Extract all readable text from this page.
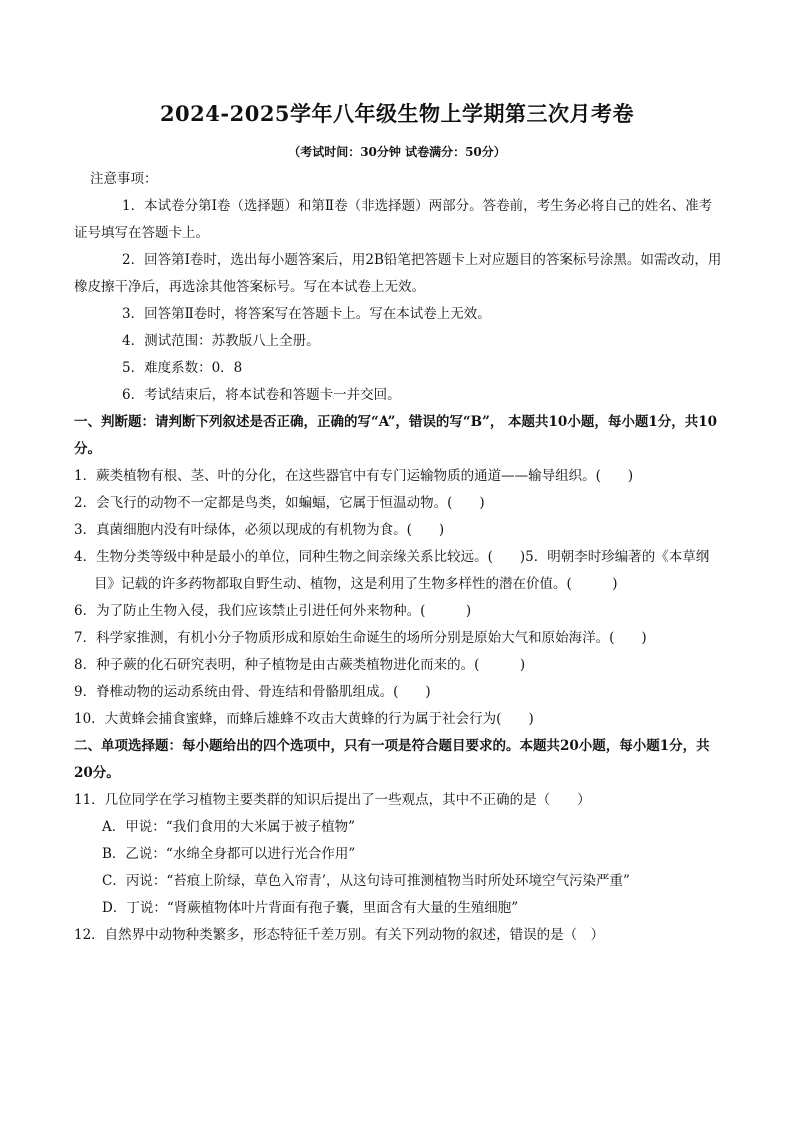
2024-2025学年八年级生物上学期第三次月考卷
（考试时间：30分钟 试卷满分：50分）

注意事项：

1．本试卷分第Ⅰ卷（选择题）和第Ⅱ卷（非选择题）两部分。答卷前，考生务必将自己的姓名、准考证号填写在答题卡上。

2．回答第Ⅰ卷时，选出每小题答案后，用2B铅笔把答题卡上对应题目的答案标号涂黑。如需改动，用橡皮擦干净后，再选涂其他答案标号。写在本试卷上无效。

3．回答第Ⅱ卷时，将答案写在答题卡上。写在本试卷上无效。

4．测试范围：苏教版八上全册。

5．难度系数：0．8

6．考试结束后，将本试卷和答题卡一并交回。

一、判断题：请判断下列叙述是否正确，正确的写“A”，错误的写“B”， 本题共10小题，每小题1分，共10分。

1．蕨类植物有根、茎、叶的分化，在这些器官中有专门运输物质的通道——输导组织。(　　)

2．会飞行的动物不一定都是鸟类，如蝙蝠，它属于恒温动物。(　　)

3．真菌细胞内没有叶绿体，必须以现成的有机物为食。(　　)

4．生物分类等级中种是最小的单位，同种生物之间亲缘关系比较远。(　　)5．明朝李时珍编著的《本草纲目》记载的许多药物都取自野生动、植物，这是利用了生物多样性的潜在价值。(　　　)

6．为了防止生物入侵，我们应该禁止引进任何外来物种。(　　　)

7．科学家推测，有机小分子物质形成和原始生命诞生的场所分别是原始大气和原始海洋。(　　)

8．种子蕨的化石研究表明，种子植物是由古蕨类植物进化而来的。(　　　)

9．脊椎动物的运动系统由骨、骨连结和骨骼肌组成。(　　)

10．大黄蜂会捕食蜜蜂，而蜂后雄蜂不攻击大黄蜂的行为属于社会行为(　　)

二、单项选择题：每小题给出的四个选项中，只有一项是符合题目要求的。本题共20小题，每小题1分，共20分。

11．几位同学在学习植物主要类群的知识后提出了一些观点，其中不正确的是（　　）

A．甲说：“我们食用的大米属于被子植物”

B．乙说：“水绵全身都可以进行光合作用”

C．丙说：“苔痕上阶绿，草色入帘青’，从这句诗可推测植物当时所处环境空气污染严重”

D．丁说：“肾蕨植物体叶片背面有孢子囊，里面含有大量的生殖细胞”

12．自然界中动物种类繁多，形态特征千差万别。有关下列动物的叙述，错误的是（　）
